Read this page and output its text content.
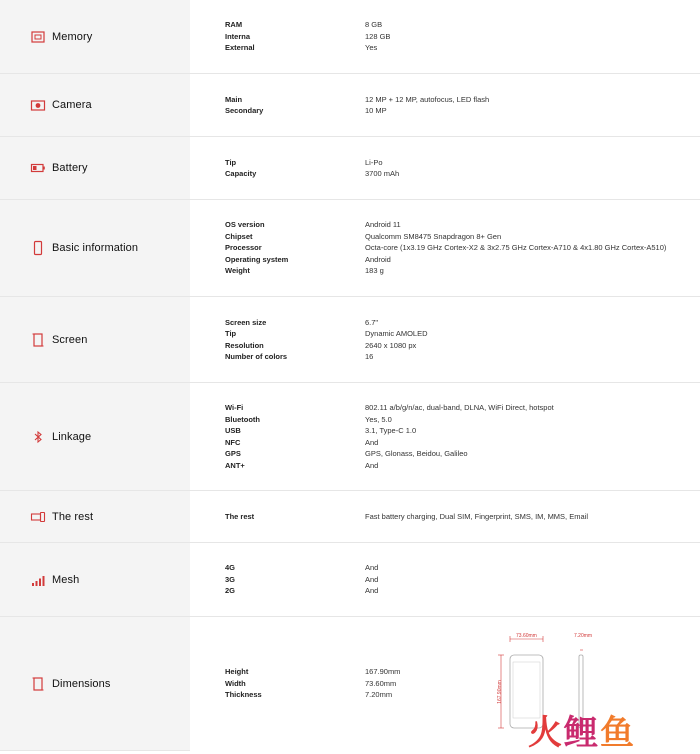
Memory
RAM	8 GB
Interna	128 GB
External	Yes
Camera	Main	12 MP + 12 MP, autofocus, LED flash
Secondary	10 MP
Battery	Tip	Li-Po
Capacity	3700 mAh
Basic information
OS version	Android 11
Chipset	Qualcomm SM8475 Snapdragon 8+ Gen
Processor	Octa-core (1x3.19 GHz Cortex-X2 & 3x2.75 GHz Cortex-A710 & 4x1.80 GHz Cortex-A510)
Operating system	Android
Weight	183 g
Screen
Screen size	6.7"
Tip	Dynamic AMOLED
Resolution	2640 x 1080 px
Number of colors	16
Linkage
Wi-Fi	802.11 a/b/g/n/ac, dual-band, DLNA, WiFi Direct, hotspot
Bluetooth	Yes, 5.0
USB	3.1, Type-C 1.0
NFC	And
GPS	GPS, Glonass, Beidou, Galileo
ANT+	And
The rest	The rest	Fast battery charging, Dual SIM, Fingerprint, SMS, IM, MMS, Email
Mesh
4G	And
3G	And
2G	And
Dimensions
Height	167.90mm
Width	73.60mm
Thickness	7.20mm
73.60mm	7.20mm
167.90mm
火鲤鱼
